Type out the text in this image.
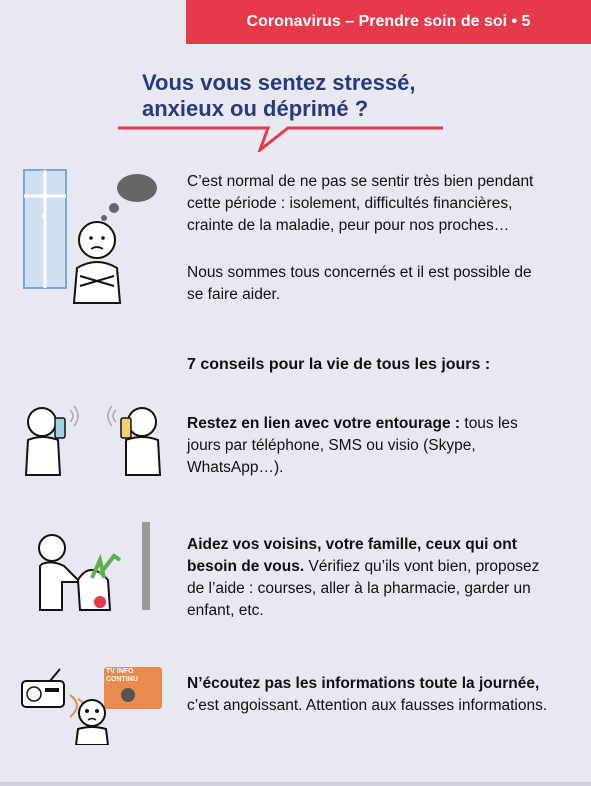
Coronavirus – Prendre soin de soi • 5

Vous vous sentez stressé,

anxieux ou déprimé ?

C’est normal de ne pas se sentir très bien pendant cette période : isolement, difficultés financières, crainte de la maladie, peur pour nos proches…

Nous sommes tous concernés et il est possible de se faire aider.

7 conseils pour la vie de tous les jours :

Restez en lien avec votre entourage : tous les jours par téléphone, SMS ou visio (Skype, WhatsApp…).

Aidez vos voisins, votre famille, ceux qui ont besoin de vous. Vérifiez qu’ils vont bien, proposez de l’aide : courses, aller à la pharmacie, garder un enfant, etc.

TV INFO CONTINU	N’écoutez pas les informations toute la journée, c’est angoissant. Attention aux fausses informations.
